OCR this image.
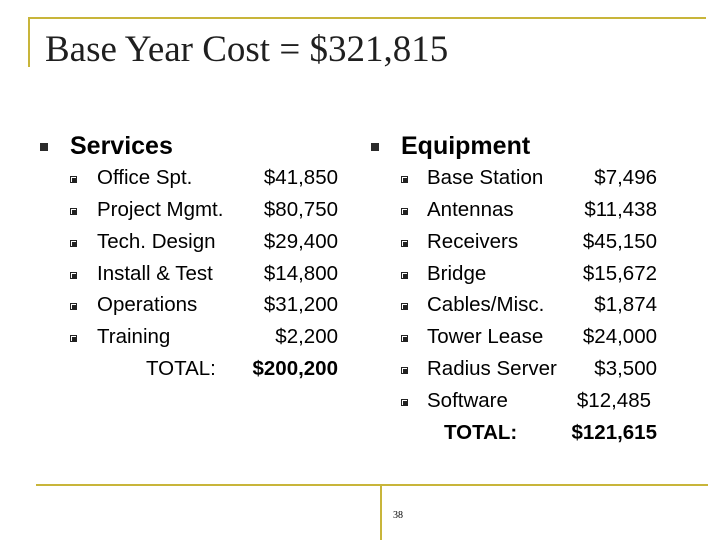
Base Year Cost = $321,815
Services
Office Spt.	$41,850
Project Mgmt. $80,750
Tech. Design $29,400
Install & Test $14,800
Operations	$31,200
Training	$2,200
TOTAL: $200,200
Equipment
Base Station $7,496
Antennas	$11,438
Receivers	$45,150
Bridge	$15,672
Cables/Misc. $1,874
Tower Lease $24,000
Radius Server $3,500
Software	$12,485
TOTAL:	$121,615
38
